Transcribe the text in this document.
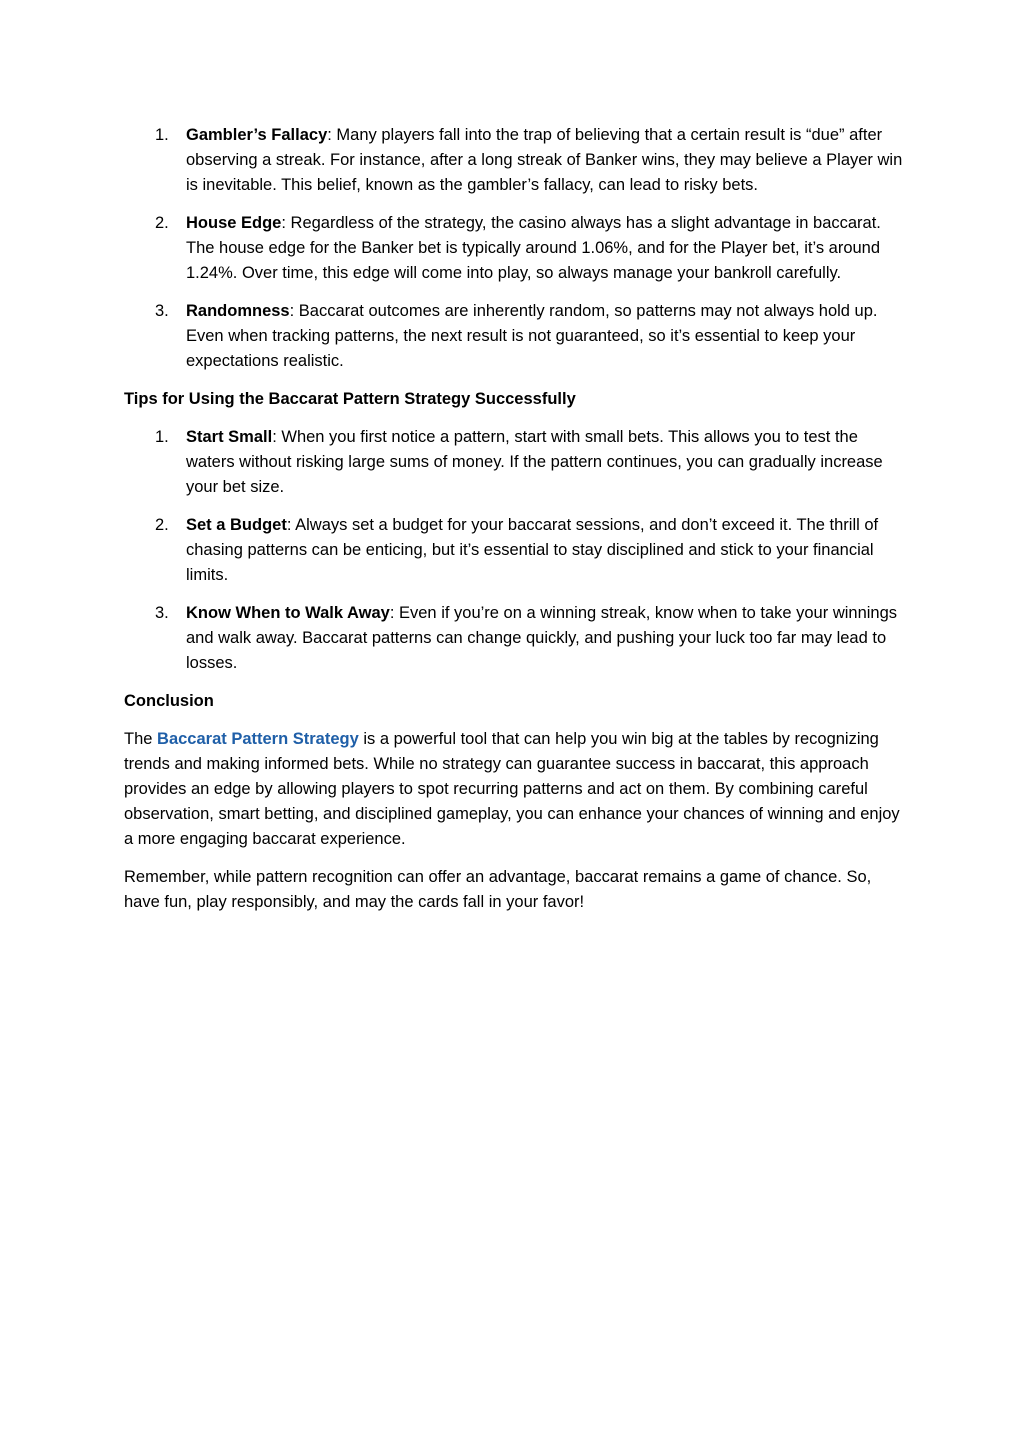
1. Gambler’s Fallacy: Many players fall into the trap of believing that a certain result is “due” after observing a streak. For instance, after a long streak of Banker wins, they may believe a Player win is inevitable. This belief, known as the gambler’s fallacy, can lead to risky bets.
2. House Edge: Regardless of the strategy, the casino always has a slight advantage in baccarat. The house edge for the Banker bet is typically around 1.06%, and for the Player bet, it’s around 1.24%. Over time, this edge will come into play, so always manage your bankroll carefully.
3. Randomness: Baccarat outcomes are inherently random, so patterns may not always hold up. Even when tracking patterns, the next result is not guaranteed, so it’s essential to keep your expectations realistic.
Tips for Using the Baccarat Pattern Strategy Successfully
1. Start Small: When you first notice a pattern, start with small bets. This allows you to test the waters without risking large sums of money. If the pattern continues, you can gradually increase your bet size.
2. Set a Budget: Always set a budget for your baccarat sessions, and don’t exceed it. The thrill of chasing patterns can be enticing, but it’s essential to stay disciplined and stick to your financial limits.
3. Know When to Walk Away: Even if you’re on a winning streak, know when to take your winnings and walk away. Baccarat patterns can change quickly, and pushing your luck too far may lead to losses.
Conclusion

The Baccarat Pattern Strategy is a powerful tool that can help you win big at the tables by recognizing trends and making informed bets. While no strategy can guarantee success in baccarat, this approach provides an edge by allowing players to spot recurring patterns and act on them. By combining careful observation, smart betting, and disciplined gameplay, you can enhance your chances of winning and enjoy a more engaging baccarat experience.

Remember, while pattern recognition can offer an advantage, baccarat remains a game of chance. So, have fun, play responsibly, and may the cards fall in your favor!
